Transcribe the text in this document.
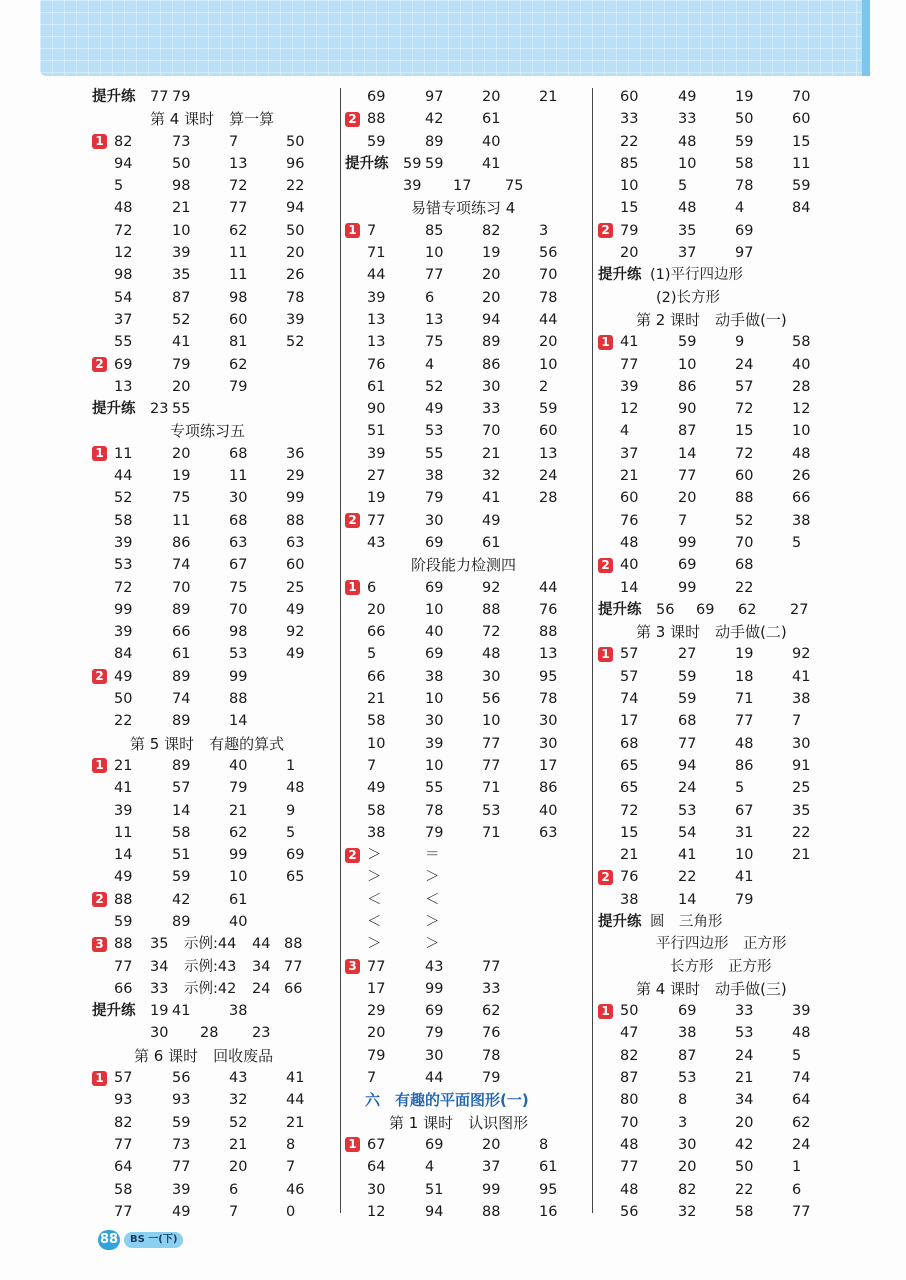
提升练 77 79
第 4 课时　算一算
1 82	73	7	50
94	50	13	96
5	98	72	22
48	21	77	94
72	10	62	50
12	39	11	20
98	35	11	26
54	87	98	78
37	52	60	39
55	41	81	52
2 69	79	62
13	20	79
提升练 23 55
专项练习五
1 11	20	68	36
44	19	11	29
52	75	30	99
58	11	68	88
39	86	63	63
53	74	67	60
72	70	75	25
99	89	70	49
39	66	98	92
84	61	53	49
2 49	89	99
50	74	88
22	89	14
第 5 课时　有趣的算式
1 21	89	40	1
41	57	79	48
39	14	21	9
11	58	62	5
14	51	99	69
49	59	10	65
2 88	42	61
59	89	40
3 88 35 示例:44 44 88
77 34 示例:43 34 77
66 33 示例:42 24 66
提升练 19 41	38
30 28 23
第 6 课时　回收废品
1 57	56	43	41
93	93	32	44
82	59	52	21
77	73	21	8
64	77	20	7
58	39	6	46
77	49	7	0
69	97	20	21
2 88	42	61
59	89	40
提升练 59 59	41
39 17 75
易错专项练习 4
1 7	85	82	3
71	10	19	56
44	77	20	70
39	6	20	78
13	13	94	44
13	75	89	20
76	4	86	10
61	52	30	2
90	49	33	59
51	53	70	60
39	55	21	13
27	38	32	24
19	79	41	28
2 77	30	49
43	69	61
阶段能力检测四
1 6	69	92	44
20	10	88	76
66	40	72	88
5	69	48	13
66	38	30	95
21	10	56	78
58	30	10	30
10	39	77	30
7	10	77	17
49	55	71	86
58	78	53	40
38	79	71	63
2 ＞	＝
＞	＞
＜	＜
＜	＞
＞	＞
3 77	43	77
17	99	33
29	69	62
20	79	76
79	30	78
7	44	79
六　有趣的平面图形(一)
第 1 课时　认识图形
1 67	69	20	8
64	4	37	61
30	51	99	95
12	94	88	16
60	49	19	70
33	33	50	60
22	48	59	15
85	10	58	11
10	5	78	59
15	48	4	84
2 79	35	69
20	37	97
提升练 (1)平行四边形
(2)长方形
第 2 课时　动手做(一)
1 41	59	9	58
77	10	24	40
39	86	57	28
12	90	72	12
4	87	15	10
37	14	72	48
21	77	60	26
60	20	88	66
76	7	52	38
48	99	70	5
2 40	69	68
14	99	22
提升练 56 69 62 27
第 3 课时　动手做(二)
1 57	27	19	92
57	59	18	41
74	59	71	38
17	68	77	7
68	77	48	30
65	94	86	91
65	24	5	25
72	53	67	35
15	54	31	22
21	41	10	21
2 76	22	41
38	14	79
提升练 圆　三角形
平行四边形　正方形
长方形　正方形
第 4 课时　动手做(三)
1 50	69	33	39
47	38	53	48
82	87	24	5
87	53	21	74
80	8	34	64
70	3	20	62
48	30	42	24
77	20	50	1
48	82	22	6
56	32	58	77
88	BS 一(下)
